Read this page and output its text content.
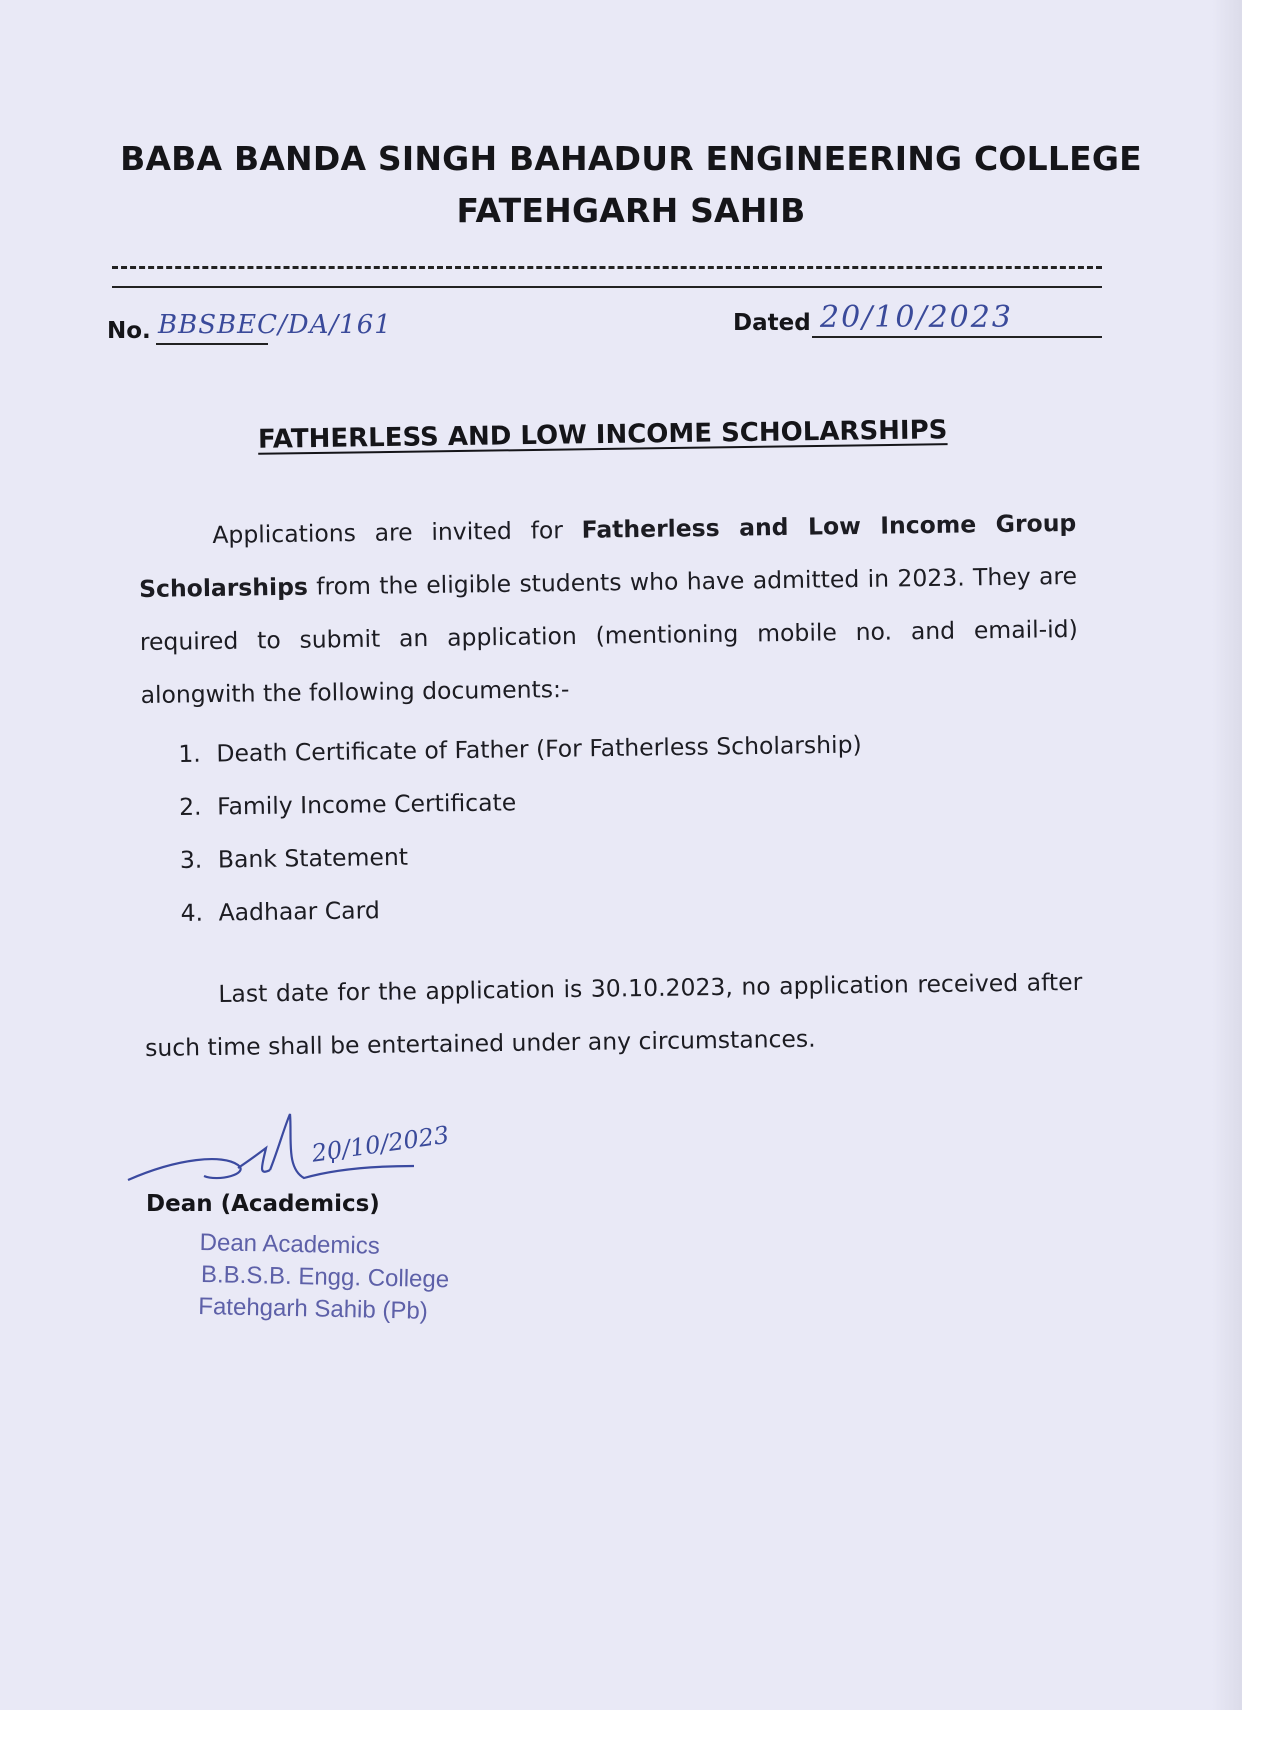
BABA BANDA SINGH BAHADUR ENGINEERING COLLEGE
FATEHGARH SAHIB
No. BBSBEC/DA/161	Dated 20/10/2023
FATHERLESS AND LOW INCOME SCHOLARSHIPS
Applications are invited for Fatherless and Low Income Group Scholarships from the eligible students who have admitted in 2023. They are required to submit an application (mentioning mobile no. and email-id) alongwith the following documents:-
1. Death Certificate of Father (For Fatherless Scholarship)
2. Family Income Certificate
3. Bank Statement
4. Aadhaar Card
Last date for the application is 30.10.2023, no application received after such time shall be entertained under any circumstances.
20/10/2023
Dean (Academics)
Dean Academics
B.B.S.B. Engg. College
Fatehgarh Sahib (Pb)
